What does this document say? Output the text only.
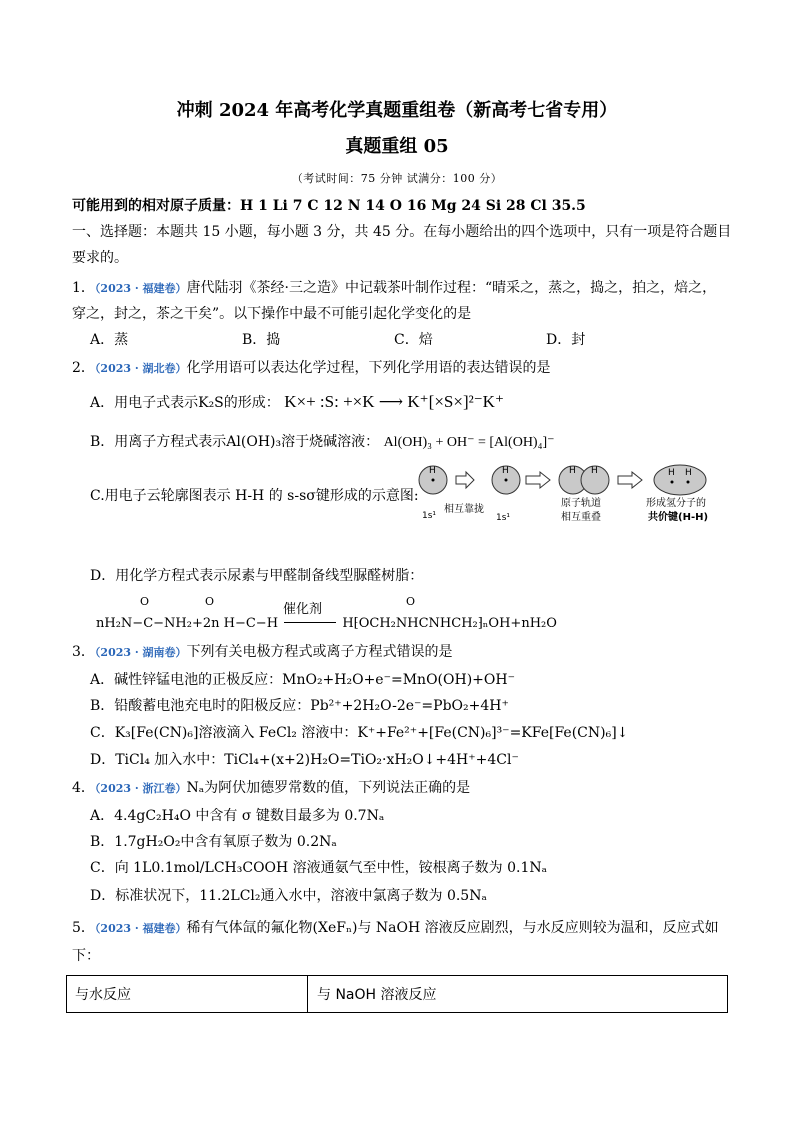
冲刺 2024 年高考化学真题重组卷（新高考七省专用）
真题重组 05
（考试时间：75 分钟 试满分：100 分）
可能用到的相对原子质量：H 1 Li 7 C 12 N 14 O 16 Mg 24 Si 28 Cl 35.5
一、选择题：本题共 15 小题，每小题 3 分，共 45 分。在每小题给出的四个选项中，只有一项是符合题目
要求的。
1．（2023 · 福建卷）唐代陆羽《茶经·三之造》中记载茶叶制作过程：“晴采之，蒸之，捣之，拍之，焙之，
穿之，封之，茶之干矣”。以下操作中最不可能引起化学变化的是
A．蒸	B．捣	C．焙	D．封
2．（2023 · 湖北卷）化学用语可以表达化学过程，下列化学用语的表达错误的是
A．用电子式表示K₂S的形成： K×+ :S: +×K ⟶ K⁺[×S×]²⁻K⁺
B．用离子方程式表示Al(OH)₃溶于烧碱溶液： Al(OH)₃ + OH⁻ = [Al(OH)₄]⁻
C.用电子云轮廓图表示 H-H 的 s-sσ键形成的示意图:
H
1s¹
H
相互靠拢
1s¹
H H
原子轨道
相互重叠
H H
形成氢分子的
共价键(H-H)
D．用化学方程式表示尿素与甲醛制备线型脲醛树脂：
O	O	O
催化剂
nH₂N−C−NH₂+2n H−C−H	H⁅OCH₂NHCNHCH₂⁆ₙOH+nH₂O
3．（2023 · 湖南卷）下列有关电极方程式或离子方程式错误的是
A．碱性锌锰电池的正极反应：MnO₂+H₂O+e⁻=MnO(OH)+OH⁻
B．铅酸蓄电池充电时的阳极反应：Pb²⁺+2H₂O-2e⁻=PbO₂+4H⁺
C．K₃[Fe(CN)₆]溶液滴入 FeCl₂ 溶液中：K⁺+Fe²⁺+[Fe(CN)₆]³⁻=KFe[Fe(CN)₆]↓
D．TiCl₄ 加入水中：TiCl₄+(x+2)H₂O=TiO₂·xH₂O↓+4H⁺+4Cl⁻
4．（2023 · 浙江卷）Nₐ为阿伏加德罗常数的值，下列说法正确的是
A．4.4gC₂H₄O 中含有 σ 键数目最多为 0.7Nₐ
B．1.7gH₂O₂中含有氧原子数为 0.2Nₐ
C．向 1L0.1mol/LCH₃COOH 溶液通氨气至中性，铵根离子数为 0.1Nₐ
D．标准状况下，11.2LCl₂通入水中，溶液中氯离子数为 0.5Nₐ
5．（2023 · 福建卷）稀有气体氙的氟化物(XeFₙ)与 NaOH 溶液反应剧烈，与水反应则较为温和，反应式如
下：
与水反应	与 NaOH 溶液反应
